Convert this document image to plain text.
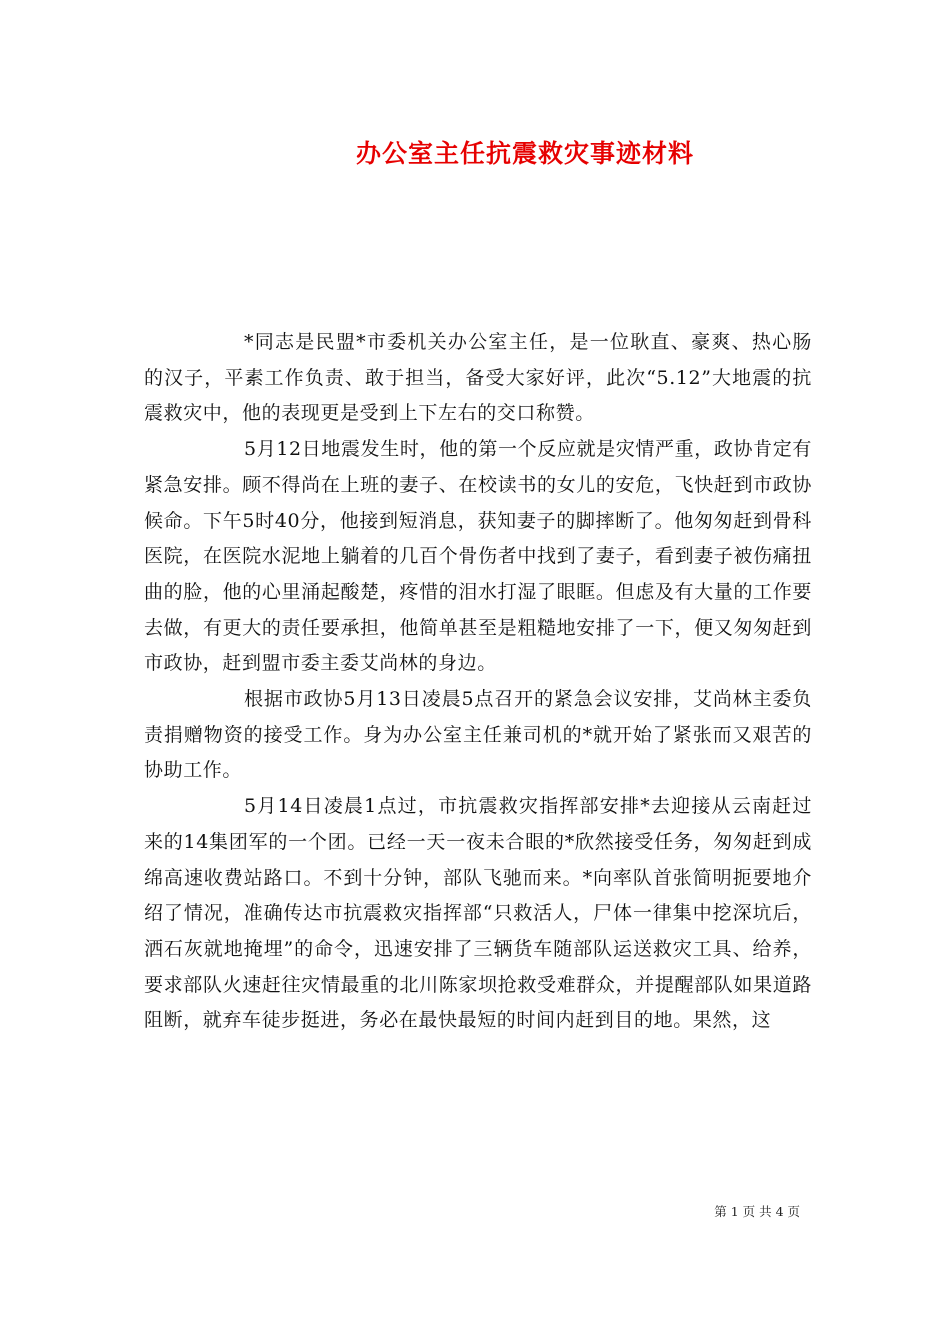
办公室主任抗震救灾事迹材料

*同志是民盟*市委机关办公室主任，是一位耿直、豪爽、热心肠的汉子，平素工作负责、敢于担当，备受大家好评，此次“5.12”大地震的抗震救灾中，他的表现更是受到上下左右的交口称赞。

5月12日地震发生时，他的第一个反应就是灾情严重，政协肯定有紧急安排。顾不得尚在上班的妻子、在校读书的女儿的安危，飞快赶到市政协候命。下午5时40分，他接到短消息，获知妻子的脚摔断了。他匆匆赶到骨科医院，在医院水泥地上躺着的几百个骨伤者中找到了妻子，看到妻子被伤痛扭曲的脸，他的心里涌起酸楚，疼惜的泪水打湿了眼眶。但虑及有大量的工作要去做，有更大的责任要承担，他简单甚至是粗糙地安排了一下，便又匆匆赶到市政协，赶到盟市委主委艾尚林的身边。

根据市政协5月13日凌晨5点召开的紧急会议安排，艾尚林主委负责捐赠物资的接受工作。身为办公室主任兼司机的*就开始了紧张而又艰苦的协助工作。

5月14日凌晨1点过，市抗震救灾指挥部安排*去迎接从云南赶过来的14集团军的一个团。已经一天一夜未合眼的*欣然接受任务，匆匆赶到成绵高速收费站路口。不到十分钟，部队飞驰而来。*向率队首张简明扼要地介绍了情况，准确传达市抗震救灾指挥部“只救活人，尸体一律集中挖深坑后，洒石灰就地掩埋”的命令，迅速安排了三辆货车随部队运送救灾工具、给养，要求部队火速赶往灾情最重的北川陈家坝抢救受难群众，并提醒部队如果道路阻断，就弃车徒步挺进，务必在最快最短的时间内赶到目的地。果然，这

第 1 页 共 4 页
